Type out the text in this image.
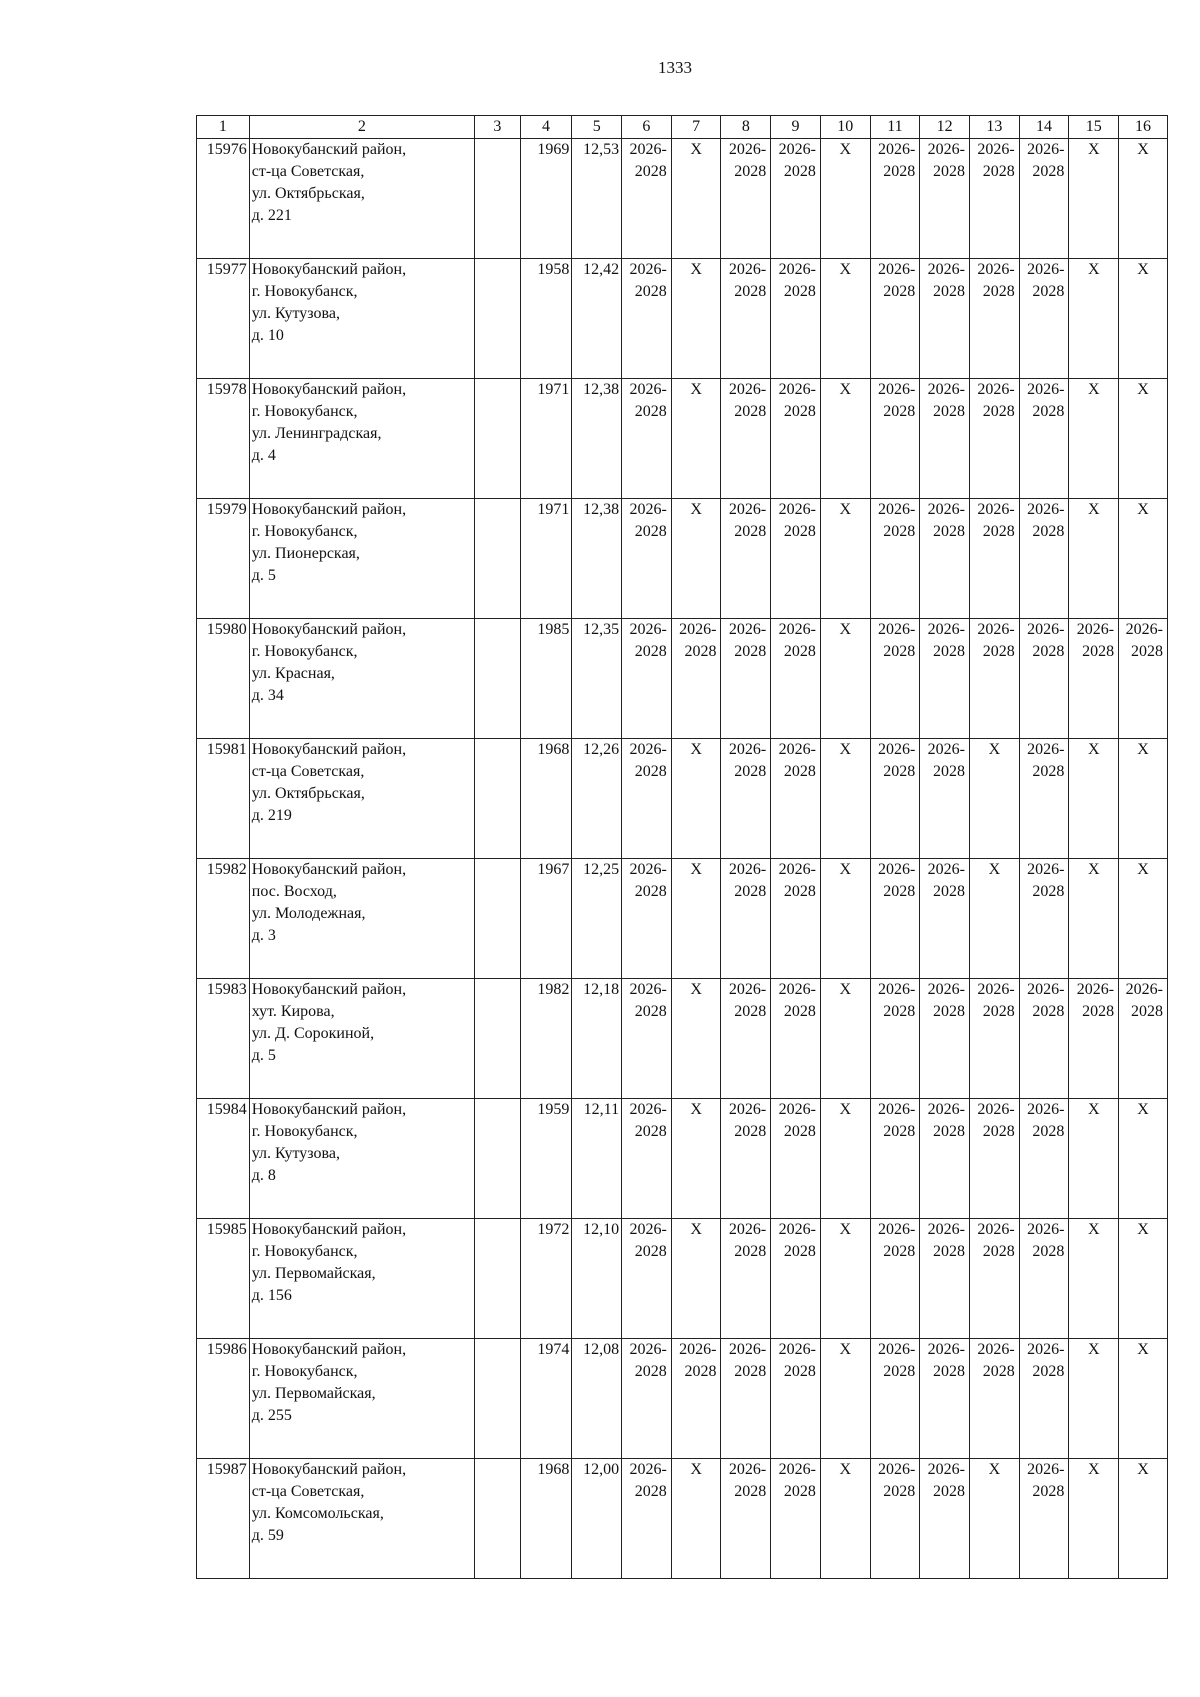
1333
1	2	3	4	5	6	7	8	9	10	11	12	13	14	15	16
15976	Новокубанский район,
ст-ца Советская,
ул. Октябрьская,
д. 221		1969	12,53	2026-
2028	X	2026-
2028	2026-
2028	X	2026-
2028	2026-
2028	2026-
2028	2026-
2028	X	X
15977	Новокубанский район,
г. Новокубанск,
ул. Кутузова,
д. 10		1958	12,42	2026-
2028	X	2026-
2028	2026-
2028	X	2026-
2028	2026-
2028	2026-
2028	2026-
2028	X	X
15978	Новокубанский район,
г. Новокубанск,
ул. Ленинградская,
д. 4		1971	12,38	2026-
2028	X	2026-
2028	2026-
2028	X	2026-
2028	2026-
2028	2026-
2028	2026-
2028	X	X
15979	Новокубанский район,
г. Новокубанск,
ул. Пионерская,
д. 5		1971	12,38	2026-
2028	X	2026-
2028	2026-
2028	X	2026-
2028	2026-
2028	2026-
2028	2026-
2028	X	X
15980	Новокубанский район,
г. Новокубанск,
ул. Красная,
д. 34		1985	12,35	2026-
2028	2026-
2028	2026-
2028	2026-
2028	X	2026-
2028	2026-
2028	2026-
2028	2026-
2028	2026-
2028	2026-
2028

15981	Новокубанский район,
ст-ца Советская,
ул. Октябрьская,
д. 219		1968	12,26	2026-
2028	X	2026-
2028	2026-
2028	X	2026-
2028	2026-
2028	X	2026-
2028	X	X
15982	Новокубанский район,
пос. Восход,
ул. Молодежная,
д. 3		1967	12,25	2026-
2028	X	2026-
2028	2026-
2028	X	2026-
2028	2026-
2028	X	2026-
2028	X	X
15983	Новокубанский район,
хут. Кирова,
ул. Д. Сорокиной,
д. 5		1982	12,18	2026-
2028	X	2026-
2028	2026-
2028	X	2026-
2028	2026-
2028	2026-
2028	2026-
2028	2026-
2028	2026-
2028

15984	Новокубанский район,
г. Новокубанск,
ул. Кутузова,
д. 8		1959	12,11	2026-
2028	X	2026-
2028	2026-
2028	X	2026-
2028	2026-
2028	2026-
2028	2026-
2028	X	X
15985	Новокубанский район,
г. Новокубанск,
ул. Первомайская,
д. 156		1972	12,10	2026-
2028	X	2026-
2028	2026-
2028	X	2026-
2028	2026-
2028	2026-
2028	2026-
2028	X	X
15986	Новокубанский район,
г. Новокубанск,
ул. Первомайская,
д. 255		1974	12,08	2026-
2028	2026-
2028	2026-
2028	2026-
2028	X	2026-
2028	2026-
2028	2026-
2028	2026-
2028	X	X
15987	Новокубанский район,
ст-ца Советская,
ул. Комсомольская,
д. 59		1968	12,00	2026-
2028	X	2026-
2028	2026-
2028	X	2026-
2028	2026-
2028	X	2026-
2028	X	X
